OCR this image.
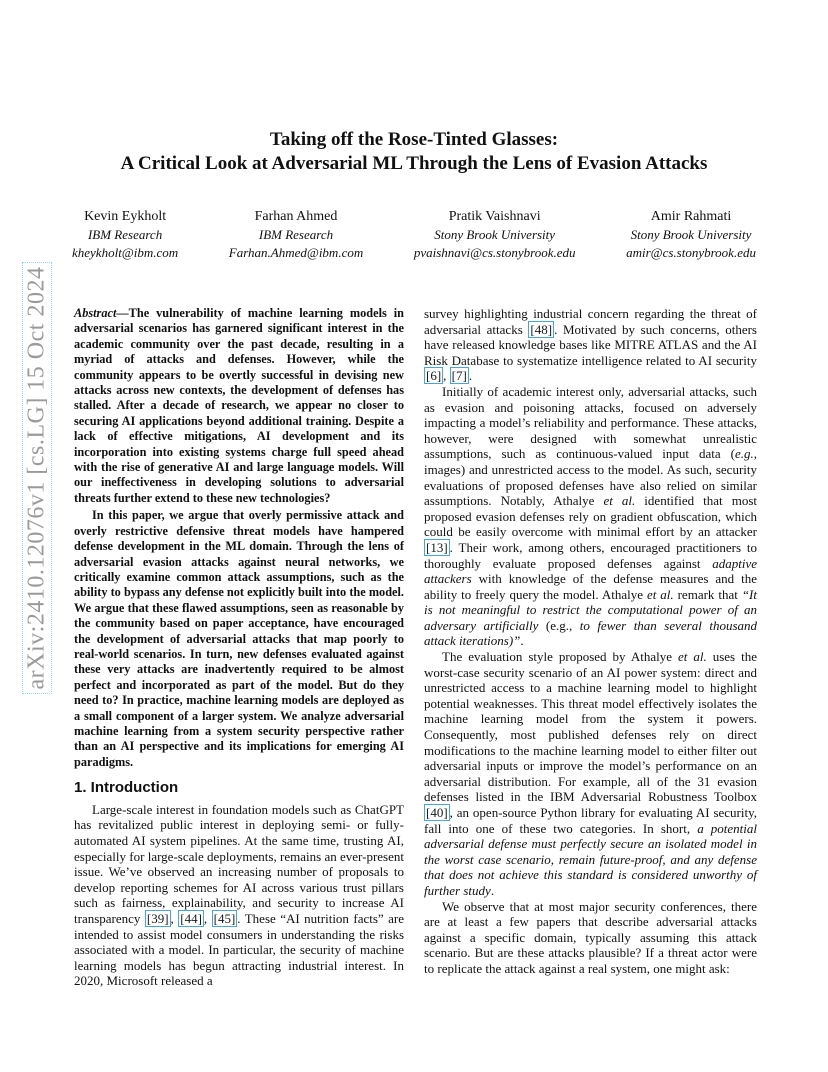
Taking off the Rose-Tinted Glasses:
A Critical Look at Adversarial ML Through the Lens of Evasion Attacks
Kevin Eykholt
IBM Research
kheykholt@ibm.com
Farhan Ahmed
IBM Research
Farhan.Ahmed@ibm.com
Pratik Vaishnavi
Stony Brook University
pvaishnavi@cs.stonybrook.edu
Amir Rahmati
Stony Brook University
amir@cs.stonybrook.edu
arXiv:2410.12076v1 [cs.LG] 15 Oct 2024 Abstract—The vulnerability of machine learning models in adversarial scenarios has garnered significant interest in the academic community over the past decade, resulting in a myriad of attacks and defenses. However, while the community appears to be overtly successful in devising new attacks across new contexts, the development of defenses has stalled. After a decade of research, we appear no closer to securing AI applications beyond additional training. Despite a lack of effective mitigations, AI development and its incorporation into existing systems charge full speed ahead with the rise of generative AI and large language models. Will our ineffectiveness in developing solutions to adversarial threats further extend to these new technologies?

In this paper, we argue that overly permissive attack and overly restrictive defensive threat models have hampered defense development in the ML domain. Through the lens of adversarial evasion attacks against neural networks, we critically examine common attack assumptions, such as the ability to bypass any defense not explicitly built into the model. We argue that these flawed assumptions, seen as reasonable by the community based on paper acceptance, have encouraged the development of adversarial attacks that map poorly to real-world scenarios. In turn, new defenses evaluated against these very attacks are inadvertently required to be almost perfect and incorporated as part of the model. But do they need to? In practice, machine learning models are deployed as a small component of a larger system. We analyze adversarial machine learning from a system security perspective rather than an AI perspective and its implications for emerging AI paradigms.

1. Introduction

Large-scale interest in foundation models such as ChatGPT has revitalized public interest in deploying semi- or fully-automated AI system pipelines. At the same time, trusting AI, especially for large-scale deployments, remains an ever-present issue. We’ve observed an increasing number of proposals to develop reporting schemes for AI across various trust pillars such as fairness, explainability, and security to increase AI transparency [39] , [44] , [45] . These “AI nutrition facts” are intended to assist model consumers in understanding the risks associated with a model. In particular, the security of machine learning models has begun attracting industrial interest. In 2020, Microsoft released a

survey highlighting industrial concern regarding the threat of adversarial attacks [48] . Motivated by such concerns, others have released knowledge bases like MITRE ATLAS and the AI Risk Database to systematize intelligence related to AI security [6] , [7] .

Initially of academic interest only, adversarial attacks, such as evasion and poisoning attacks, focused on adversely impacting a model’s reliability and performance. These attacks, however, were designed with somewhat unrealistic assumptions, such as continuous-valued input data (e.g., images) and unrestricted access to the model. As such, security evaluations of proposed defenses have also relied on similar assumptions. Notably, Athalye et al. identified that most proposed evasion defenses rely on gradient obfuscation, which could be easily overcome with minimal effort by an attacker [13] . Their work, among others, encouraged practitioners to thoroughly evaluate proposed defenses against adaptive attackers with knowledge of the defense measures and the ability to freely query the model. Athalye et al. remark that “It is not meaningful to restrict the computational power of an adversary artificially (e.g., to fewer than several thousand attack iterations)”.

The evaluation style proposed by Athalye et al. uses the worst-case security scenario of an AI power system: direct and unrestricted access to a machine learning model to highlight potential weaknesses. This threat model effectively isolates the machine learning model from the system it powers. Consequently, most published defenses rely on direct modifications to the machine learning model to either filter out adversarial inputs or improve the model’s performance on an adversarial distribution. For example, all of the 31 evasion defenses listed in the IBM Adversarial Robustness Toolbox [40] , an open-source Python library for evaluating AI security, fall into one of these two categories. In short, a potential adversarial defense must perfectly secure an isolated model in the worst case scenario, remain future-proof, and any defense that does not achieve this standard is considered unworthy of further study.

We observe that at most major security conferences, there are at least a few papers that describe adversarial attacks against a specific domain, typically assuming this attack scenario. But are these attacks plausible? If a threat actor were to replicate the attack against a real system, one might ask:
